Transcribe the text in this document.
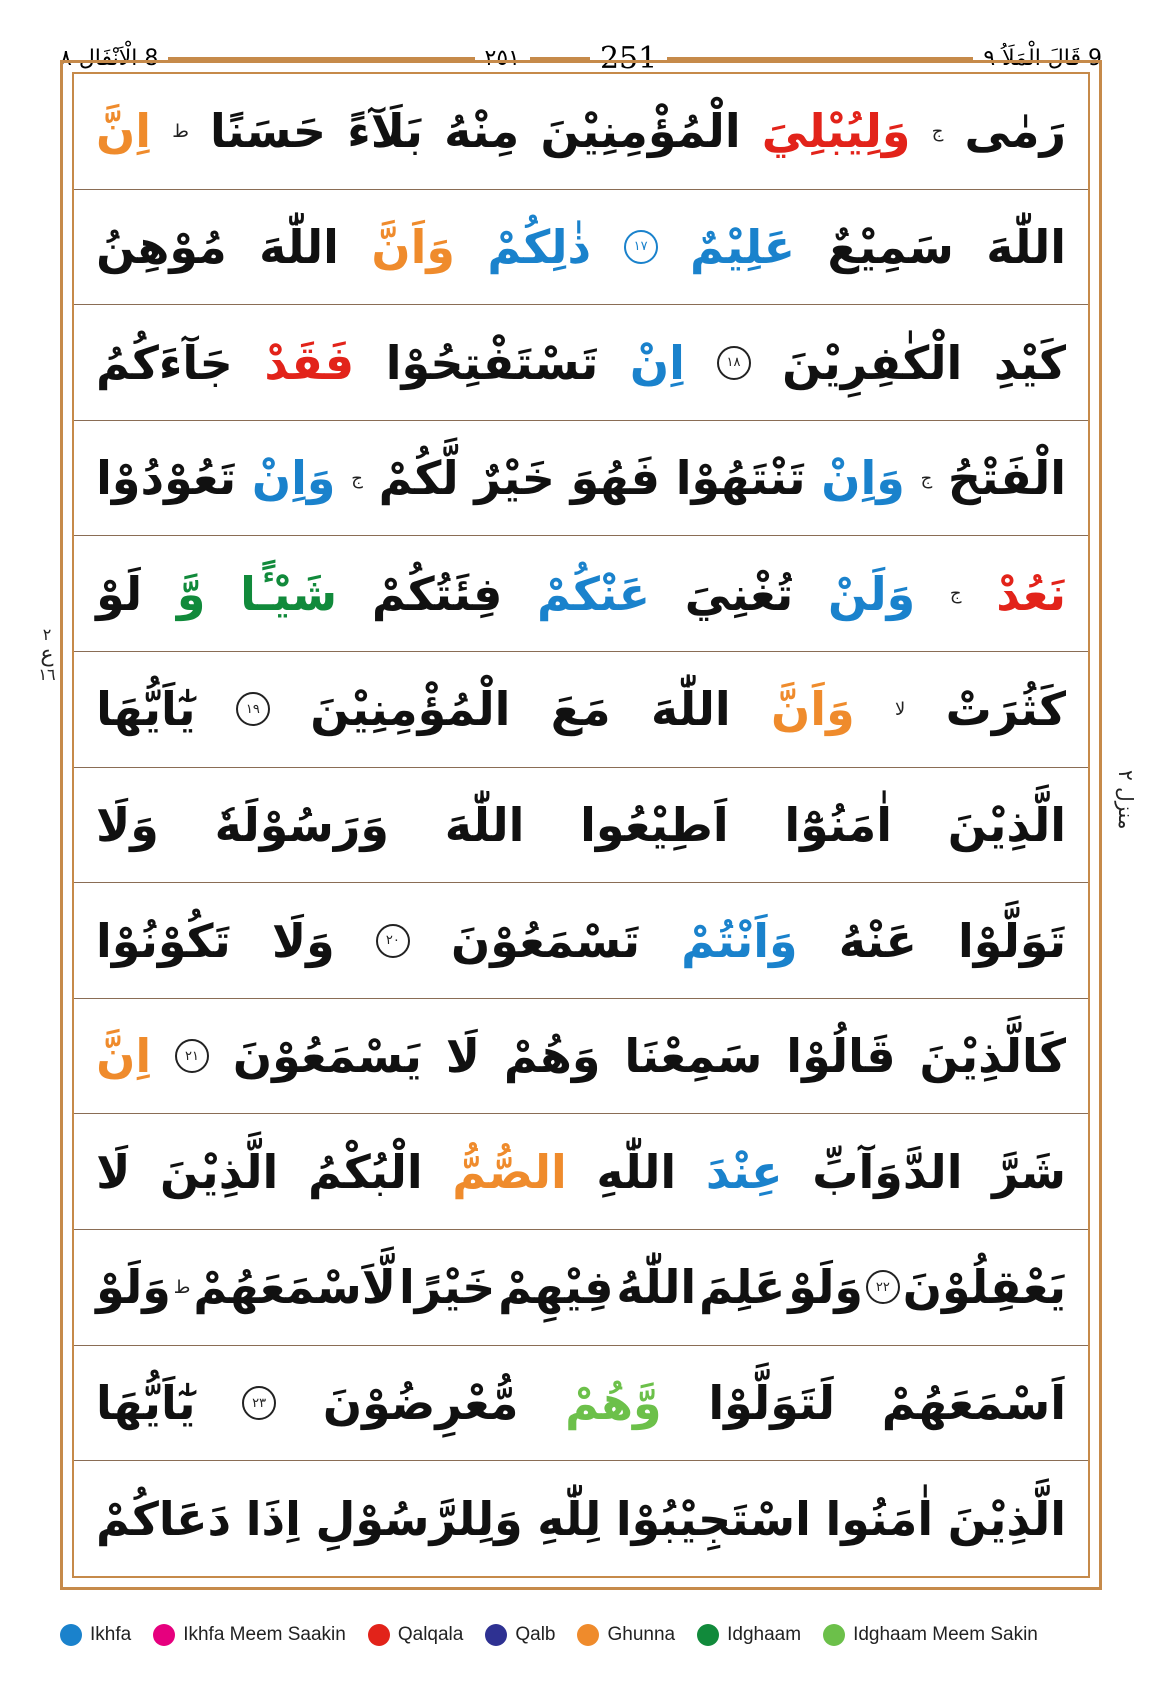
8 الْاَنْفَال ٨	٢٥١	251	9 قَالَ الْمَلَاُ ٩
٢
ع
١٦
منزل ٢
رَمٰى
ج
وَلِيُبْلِيَ
الْمُؤْمِنِيْنَ
مِنْهُ
بَلَآءً
حَسَنًا
ط
اِنَّ
اللّٰهَ
سَمِيْعٌ
عَلِيْمٌ
١٧
ذٰلِكُمْ
وَاَنَّ
اللّٰهَ
مُوْهِنُ
كَيْدِ
الْكٰفِرِيْنَ
١٨
اِنْ
تَسْتَفْتِحُوْا
فَقَدْ
جَآءَكُمُ
الْفَتْحُ
ج
وَاِنْ
تَنْتَهُوْا
فَهُوَ
خَيْرٌ
لَّكُمْ
ج
وَاِنْ
تَعُوْدُوْا
نَعُدْ
ج
وَلَنْ
تُغْنِيَ
عَنْكُمْ
فِئَتُكُمْ
شَيْـًٔا
وَّ
لَوْ
كَثُرَتْ
لا
وَاَنَّ
اللّٰهَ
مَعَ
الْمُؤْمِنِيْنَ
١٩
يٰٓاَيُّهَا
الَّذِيْنَ
اٰمَنُوْٓا
اَطِيْعُوا
اللّٰهَ
وَرَسُوْلَهٗ
وَلَا
تَوَلَّوْا
عَنْهُ
وَاَنْتُمْ
تَسْمَعُوْنَ
٢٠
وَلَا
تَكُوْنُوْا
كَالَّذِيْنَ
قَالُوْا
سَمِعْنَا
وَهُمْ
لَا
يَسْمَعُوْنَ
٢١
اِنَّ
شَرَّ
الدَّوَآبِّ
عِنْدَ
اللّٰهِ
الصُّمُّ
الْبُكْمُ
الَّذِيْنَ
لَا
يَعْقِلُوْنَ
٢٢
وَلَوْ
عَلِمَ
اللّٰهُ
فِيْهِمْ
خَيْرًا
لَّاَسْمَعَهُمْ
ط
وَلَوْ
اَسْمَعَهُمْ
لَتَوَلَّوْا
وَّهُمْ
مُّعْرِضُوْنَ
٢٣
يٰٓاَيُّهَا
الَّذِيْنَ
اٰمَنُوا
اسْتَجِيْبُوْا
لِلّٰهِ
وَلِلرَّسُوْلِ
اِذَا
دَعَاكُمْ
Ikhfa	Ikhfa Meem Saakin	Qalqala	Qalb	Ghunna	Idghaam	Idghaam Meem Sakin
